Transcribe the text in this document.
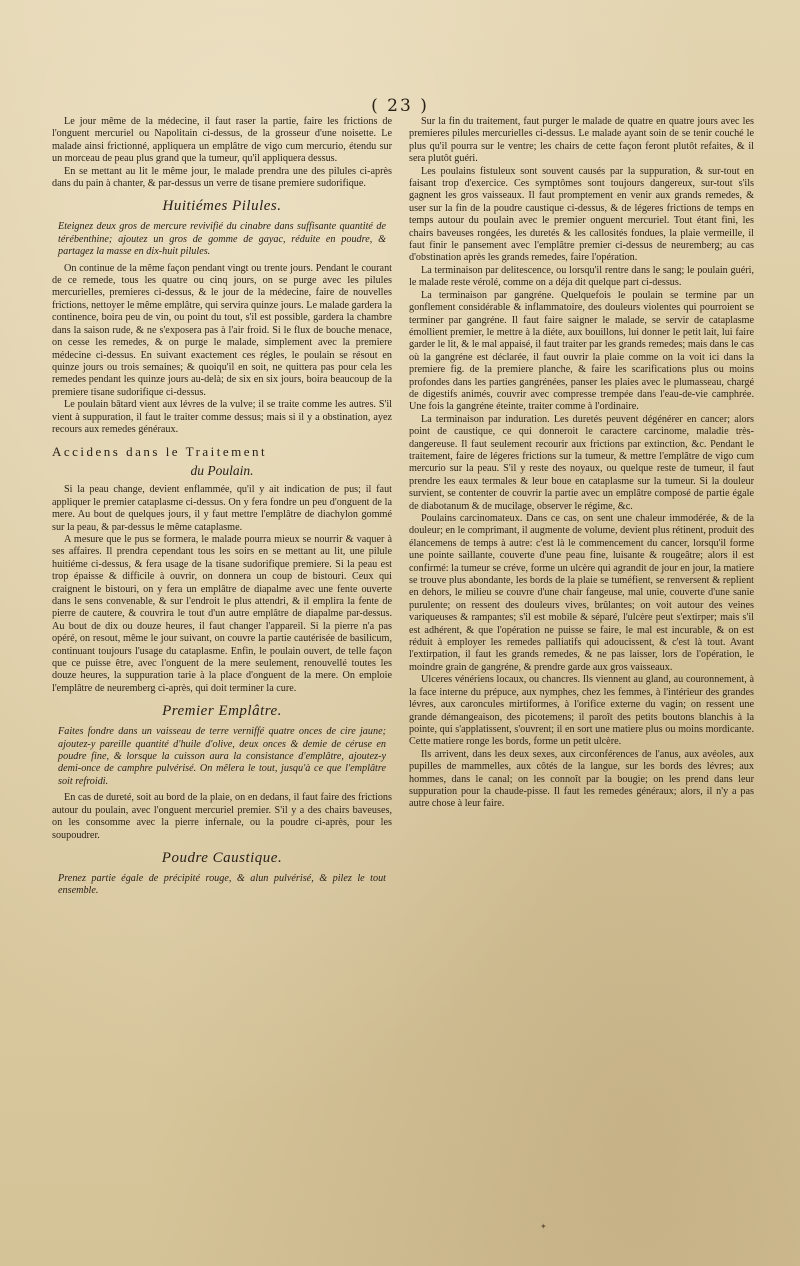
( 23 )

Le jour même de la médecine, il faut raser la partie, faire les frictions de l'onguent mercuriel ou Napolitain ci-dessus, de la grosseur d'une noisette. Le malade ainsi frictionné, appliquera un emplâtre de vigo cum mercurio, étendu sur un morceau de peau plus grand que la tumeur, qu'il appliquera dessus.

En se mettant au lit le même jour, le malade prendra une des pilules ci-après dans du pain à chanter, & par-dessus un verre de tisane premiere sudorifique.

Huitiémes Pilules.

Eteignez deux gros de mercure revivifié du cinabre dans suffisante quantité de térébenthine; ajoutez un gros de gomme de gayac, réduite en poudre, & partagez la masse en dix-huit pilules.

On continue de la même façon pendant vingt ou trente jours. Pendant le courant de ce remede, tous les quatre ou cinq jours, on se purge avec les pilules mercurielles, premieres ci-dessus, & le jour de la médecine, faire de nouvelles frictions, nettoyer le même emplâtre, qui servira quinze jours. Le malade gardera la continence, boira peu de vin, ou point du tout, s'il est possible, gardera la chambre dans la saison rude, & ne s'exposera pas à l'air froid. Si le flux de bouche menace, on cesse les remedes, & on purge le malade, simplement avec la premiere médecine ci-dessus. En suivant exactement ces régles, le poulain se résout en quinze jours ou trois semaines; & quoiqu'il en soit, ne quittera pas pour cela les remedes pendant les quinze jours au-delà; de six en six jours, boira beaucoup de la premiere tisane sudorifique ci-dessus.

Le poulain bâtard vient aux lévres de la vulve; il se traite comme les autres. S'il vient à suppuration, il faut le traiter comme dessus; mais si il y a obstination, ayez recours aux remedes généraux.

Accidens dans le Traitement
du Poulain.

Si la peau change, devient enflammée, qu'il y ait indication de pus; il faut appliquer le premier cataplasme ci-dessus. On y fera fondre un peu d'onguent de la mere. Au bout de quelques jours, il y faut mettre l'emplâtre de diachylon gommé sur la peau, & par-dessus le même cataplasme.

A mesure que le pus se formera, le malade pourra mieux se nourrir & vaquer à ses affaires. Il prendra cependant tous les soirs en se mettant au lit, une pilule huitiéme ci-dessus, & fera usage de la tisane sudorifique premiere. Si la peau est trop épaisse & difficile à ouvrir, on donnera un coup de bistouri. Ceux qui craignent le bistouri, on y fera un emplâtre de diapalme avec une fente ouverte dans le sens convenable, & sur l'endroit le plus attendri, & il emplira la fente de pierre de cautere, & couvrira le tout d'un autre emplâtre de diapalme par-dessus. Au bout de dix ou douze heures, il faut changer l'appareil. Si la pierre n'a pas opéré, on resout, même le jour suivant, on couvre la partie cautérisée de basilicum, continuant toujours l'usage du cataplasme. Enfin, le poulain ouvert, de telle façon que ce puisse être, avec l'onguent de la mere seulement, renouvellé toutes les douze heures, la suppuration tarie à la place d'onguent de la mere. On emploie l'emplâtre de neuremberg ci-après, qui doit terminer la cure.

Premier Emplâtre.

Faites fondre dans un vaisseau de terre verniffé quatre onces de cire jaune; ajoutez-y pareille quantité d'huile d'olive, deux onces & demie de céruse en poudre fine, & lorsque la cuisson aura la consistance d'emplâtre, ajoutez-y demi-once de camphre pulvérisé. On mêlera le tout, jusqu'à ce que l'emplâtre soit refroidi.

En cas de dureté, soit au bord de la plaie, on en dedans, il faut faire des frictions autour du poulain, avec l'onguent mercuriel premier. S'il y a des chairs baveuses, on les consomme avec la pierre infernale, ou la poudre ci-après, pour les soupoudrer.

Poudre Caustique.

Prenez partie égale de précipité rouge, & alun pulvérisé, & pilez le tout ensemble.

Sur la fin du traitement, faut purger le malade de quatre en quatre jours avec les premieres pilules mercurielles ci-dessus. Le malade ayant soin de se tenir couché le plus qu'il pourra sur le ventre; les chairs de cette façon feront plutôt refaites, & il sera plutôt guéri.

Les poulains fistuleux sont souvent causés par la suppuration, & sur-tout en faisant trop d'exercice. Ces symptômes sont toujours dangereux, sur-tout s'ils gagnent les gros vaisseaux. Il faut promptement en venir aux grands remedes, & user sur la fin de la poudre caustique ci-dessus, & de légeres frictions de temps en temps autour du poulain avec le premier onguent mercuriel. Tout étant fini, les chairs baveuses rongées, les duretés & les callosités fondues, la plaie vermeille, il faut finir le pansement avec l'emplâtre premier ci-dessus de neuremberg; au cas d'obstination après les grands remedes, faire l'opération.

La terminaison par delitescence, ou lorsqu'il rentre dans le sang; le poulain guéri, le malade reste vérolé, comme on a déja dit quelque part ci-dessus.

La terminaison par gangréne. Quelquefois le poulain se termine par un gonflement considérable & inflammatoire, des douleurs violentes qui pourroient se terminer par gangréne. Il faut faire saigner le malade, se servir de cataplasme émollient premier, le mettre à la diéte, aux bouillons, lui donner le petit lait, lui faire garder le lit, & le mal appaisé, il faut traiter par les grands remedes; mais dans le cas où la gangréne est déclarée, il faut ouvrir la plaie comme on la voit ici dans la premiere fig. de la premiere planche, & faire les scarifications plus ou moins profondes dans les parties gangrénées, panser les plaies avec le plumasseau, chargé de digestifs animés, couvrir avec compresse trempée dans l'eau-de-vie camphrée. Une fois la gangréne éteinte, traiter comme à l'ordinaire.

La terminaison par induration. Les duretés peuvent dégénérer en cancer; alors point de caustique, ce qui donneroit le caractere carcinome, maladie très-dangereuse. Il faut seulement recourir aux frictions par extinction, &c. Pendant le traitement, faire de légeres frictions sur la tumeur, & mettre l'emplâtre de vigo cum mercurio sur la peau. S'il y reste des noyaux, ou quelque reste de tumeur, il faut prendre les eaux termales & leur boue en cataplasme sur la tumeur. Si la douleur survient, se contenter de couvrir la partie avec un emplâtre composé de partie égale de diabotanum & de mucilage, observer le régime, &c.

Poulains carcinomateux. Dans ce cas, on sent une chaleur immodérée, & de la douleur; en le comprimant, il augmente de volume, devient plus rétinent, produit des élancemens de temps à autre: c'est là le commencement du cancer, lorsqu'il forme une pointe saillante, couverte d'une peau fine, luisante & rougeâtre; alors il est confirmé: la tumeur se créve, forme un ulcère qui agrandit de jour en jour, la matiere se trouve plus abondante, les bords de la plaie se tuméfient, se renversent & replient en dehors, le milieu se couvre d'une chair fangeuse, mal unie, couverte d'une sanie purulente; on ressent des douleurs vives, brûlantes; on voit autour des veines variqueuses & rampantes; s'il est mobile & séparé, l'ulcère peut s'extirper; mais s'il est adhérent, & que l'opération ne puisse se faire, le mal est incurable, & on est réduit à employer les remedes palliatifs qui adoucissent, & c'est là tout. Avant l'extirpation, il faut les grands remedes, & ne pas laisser, lors de l'opération, le moindre grain de gangréne, & prendre garde aux gros vaisseaux.

Ulceres vénériens locaux, ou chancres. Ils viennent au gland, au couronnement, à la face interne du prépuce, aux nymphes, chez les femmes, à l'intérieur des grandes lévres, aux caroncules mirtiformes, à l'orifice externe du vagin; on ressent une grande démangeaison, des picotemens; il paroît des petits boutons blanchis à la pointe, qui s'applatissent, s'ouvrent; il en sort une matiere plus ou moins mordicante. Cette matiere ronge les bords, forme un petit ulcère.

Ils arrivent, dans les deux sexes, aux circonférences de l'anus, aux avéoles, aux pupilles de mammelles, aux côtés de la langue, sur les bords des lévres; aux hommes, dans le canal; on les connoît par la bougie; on les prend dans leur suppuration pour la chaude-pisse. Il faut les remedes généraux; alors, il n'y a pas autre chose à leur faire.

✦
